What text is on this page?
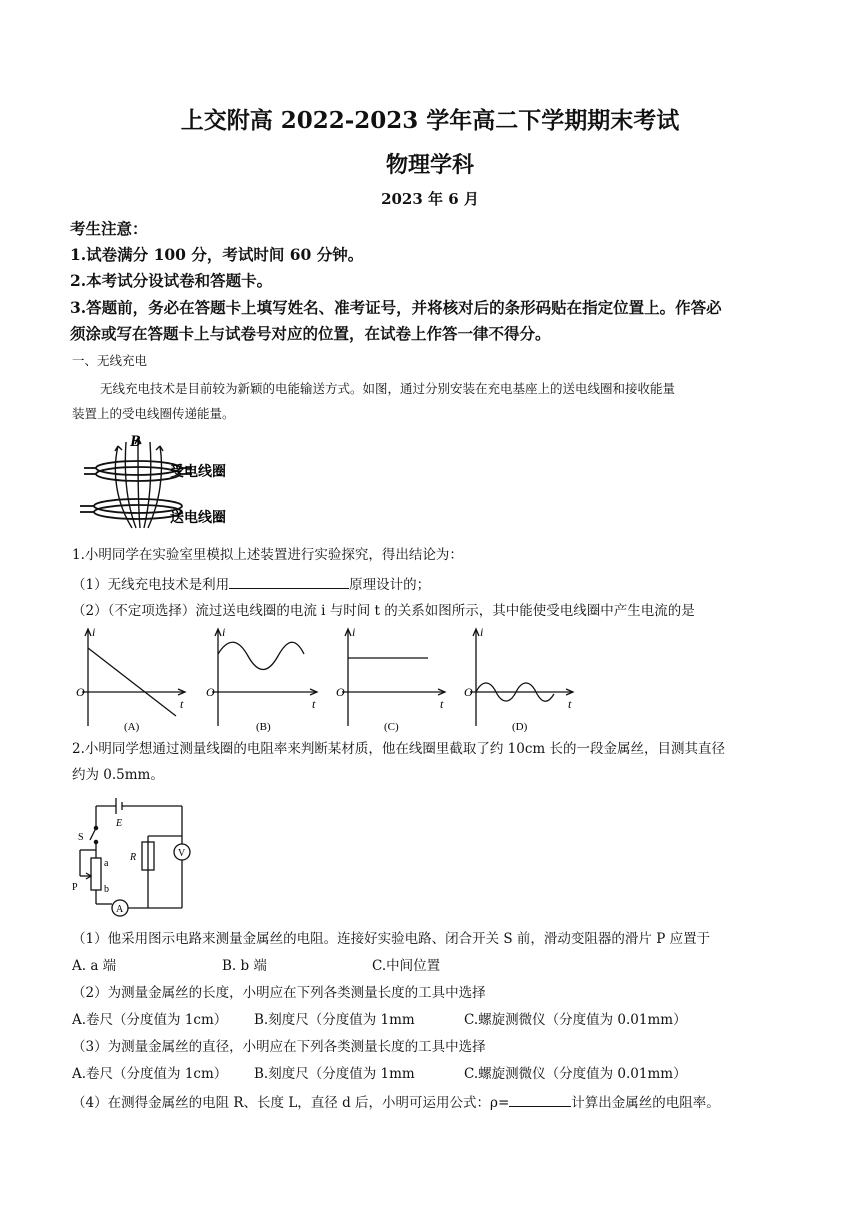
上交附高 2022-2023 学年高二下学期期末考试
物理学科
2023 年 6 月
考生注意：
1.试卷满分 100 分，考试时间 60 分钟。
2.本考试分设试卷和答题卡。
3.答题前，务必在答题卡上填写姓名、准考证号，并将核对后的条形码贴在指定位置上。作答必
须涂或写在答题卡上与试卷号对应的位置，在试卷上作答一律不得分。
一、无线充电
无线充电技术是目前较为新颖的电能输送方式。如图，通过分别安装在充电基座上的送电线圈和接收能量
装置上的受电线圈传递能量。
B
受电线圈
送电线圈
1.小明同学在实验室里模拟上述装置进行实验探究，得出结论为：
（1）无线充电技术是利用	原理设计的；
（2）（不定项选择）流过送电线圈的电流 i 与时间 t 的关系如图所示，其中能使受电线圈中产生电流的是
i
t
O
i
t
O
i
t
O
i
t
O
(A)	(B)	(C)	(D)
2.小明同学想通过测量线圈的电阻率来判断某材质，他在线圈里截取了约 10cm 长的一段金属丝，目测其直径
约为 0.5mm。
E
S
R	V
A
P
a
b
（1）他采用图示电路来测量金属丝的电阻。连接好实验电路、闭合开关 S 前，滑动变阻器的滑片 P 应置于
A. a 端	B. b 端	C.中间位置
（2）为测量金属丝的长度，小明应在下列各类测量长度的工具中选择
A.卷尺（分度值为 1cm） B.刻度尺（分度值为 1mm	C.螺旋测微仪（分度值为 0.01mm）
（3）为测量金属丝的直径，小明应在下列各类测量长度的工具中选择
A.卷尺（分度值为 1cm） B.刻度尺（分度值为 1mm	C.螺旋测微仪（分度值为 0.01mm）
（4）在测得金属丝的电阻 R、长度 L，直径 d 后，小明可运用公式：ρ=	计算出金属丝的电阻率。
